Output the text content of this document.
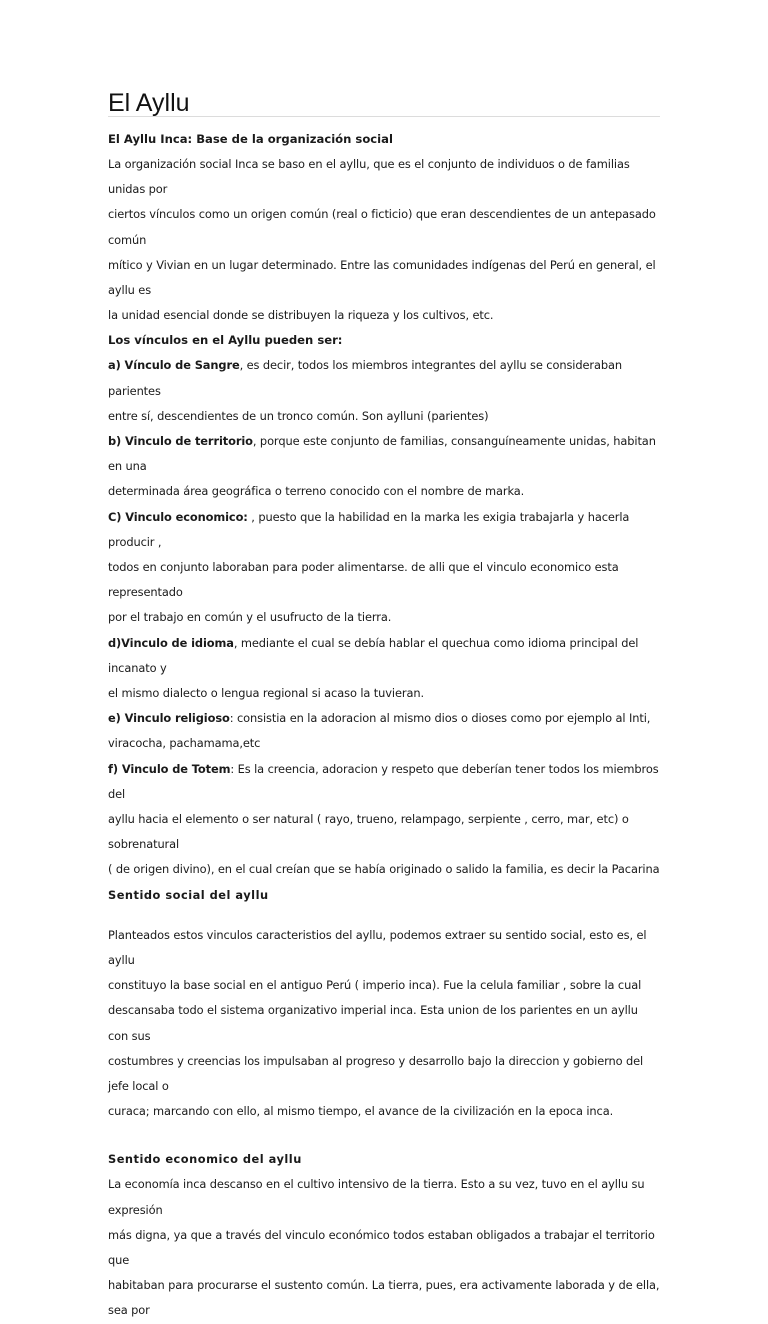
El Ayllu

El Ayllu Inca: Base de la organización social

La organización social Inca se baso en el ayllu, que es el conjunto de individuos o de familias unidas por

ciertos vínculos como un origen común (real o ficticio) que eran descendientes de un antepasado común

mítico y Vivian en un lugar determinado. Entre las comunidades indígenas del Perú en general, el ayllu es

la unidad esencial donde se distribuyen la riqueza y los cultivos, etc.

Los vínculos en el Ayllu pueden ser:

a) Vínculo de Sangre, es decir, todos los miembros integrantes del ayllu se consideraban parientes

entre sí, descendientes de un tronco común. Son aylluni (parientes)

b) Vinculo de territorio, porque este conjunto de familias, consanguíneamente unidas, habitan en una

determinada área geográfica o terreno conocido con el nombre de marka.

C) Vinculo economico: , puesto que la habilidad en la marka les exigia trabajarla y hacerla producir ,

todos en conjunto laboraban para poder alimentarse. de alli que el vinculo economico esta representado

por el trabajo en común y el usufructo de la tierra.

d)Vinculo de idioma, mediante el cual se debía hablar el quechua como idioma principal del incanato y

el mismo dialecto o lengua regional si acaso la tuvieran.

e) Vinculo religioso: consistia en la adoracion al mismo dios o dioses como por ejemplo al Inti,

viracocha, pachamama,etc

f) Vinculo de Totem: Es la creencia, adoracion y respeto que deberían tener todos los miembros del

ayllu hacia el elemento o ser natural ( rayo, trueno, relampago, serpiente , cerro, mar, etc) o sobrenatural

( de origen divino), en el cual creían que se había originado o salido la familia, es decir la Pacarina

Sentido social del ayllu

Planteados estos vinculos caracteristios del ayllu, podemos extraer su sentido social, esto es, el ayllu

constituyo la base social en el antiguo Perú ( imperio inca). Fue la celula familiar , sobre la cual

descansaba todo el sistema organizativo imperial inca. Esta union de los parientes en un ayllu con sus

costumbres y creencias los impulsaban al progreso y desarrollo bajo la direccion y gobierno del jefe local o

curaca; marcando con ello, al mismo tiempo, el avance de la civilización en la epoca inca.

Sentido economico del ayllu

La economía inca descanso en el cultivo intensivo de la tierra. Esto a su vez, tuvo en el ayllu su expresión

más digna, ya que a través del vinculo económico todos estaban obligados a trabajar el territorio que

habitaban para procurarse el sustento común. La tierra, pues, era activamente laborada y de ella, sea por
